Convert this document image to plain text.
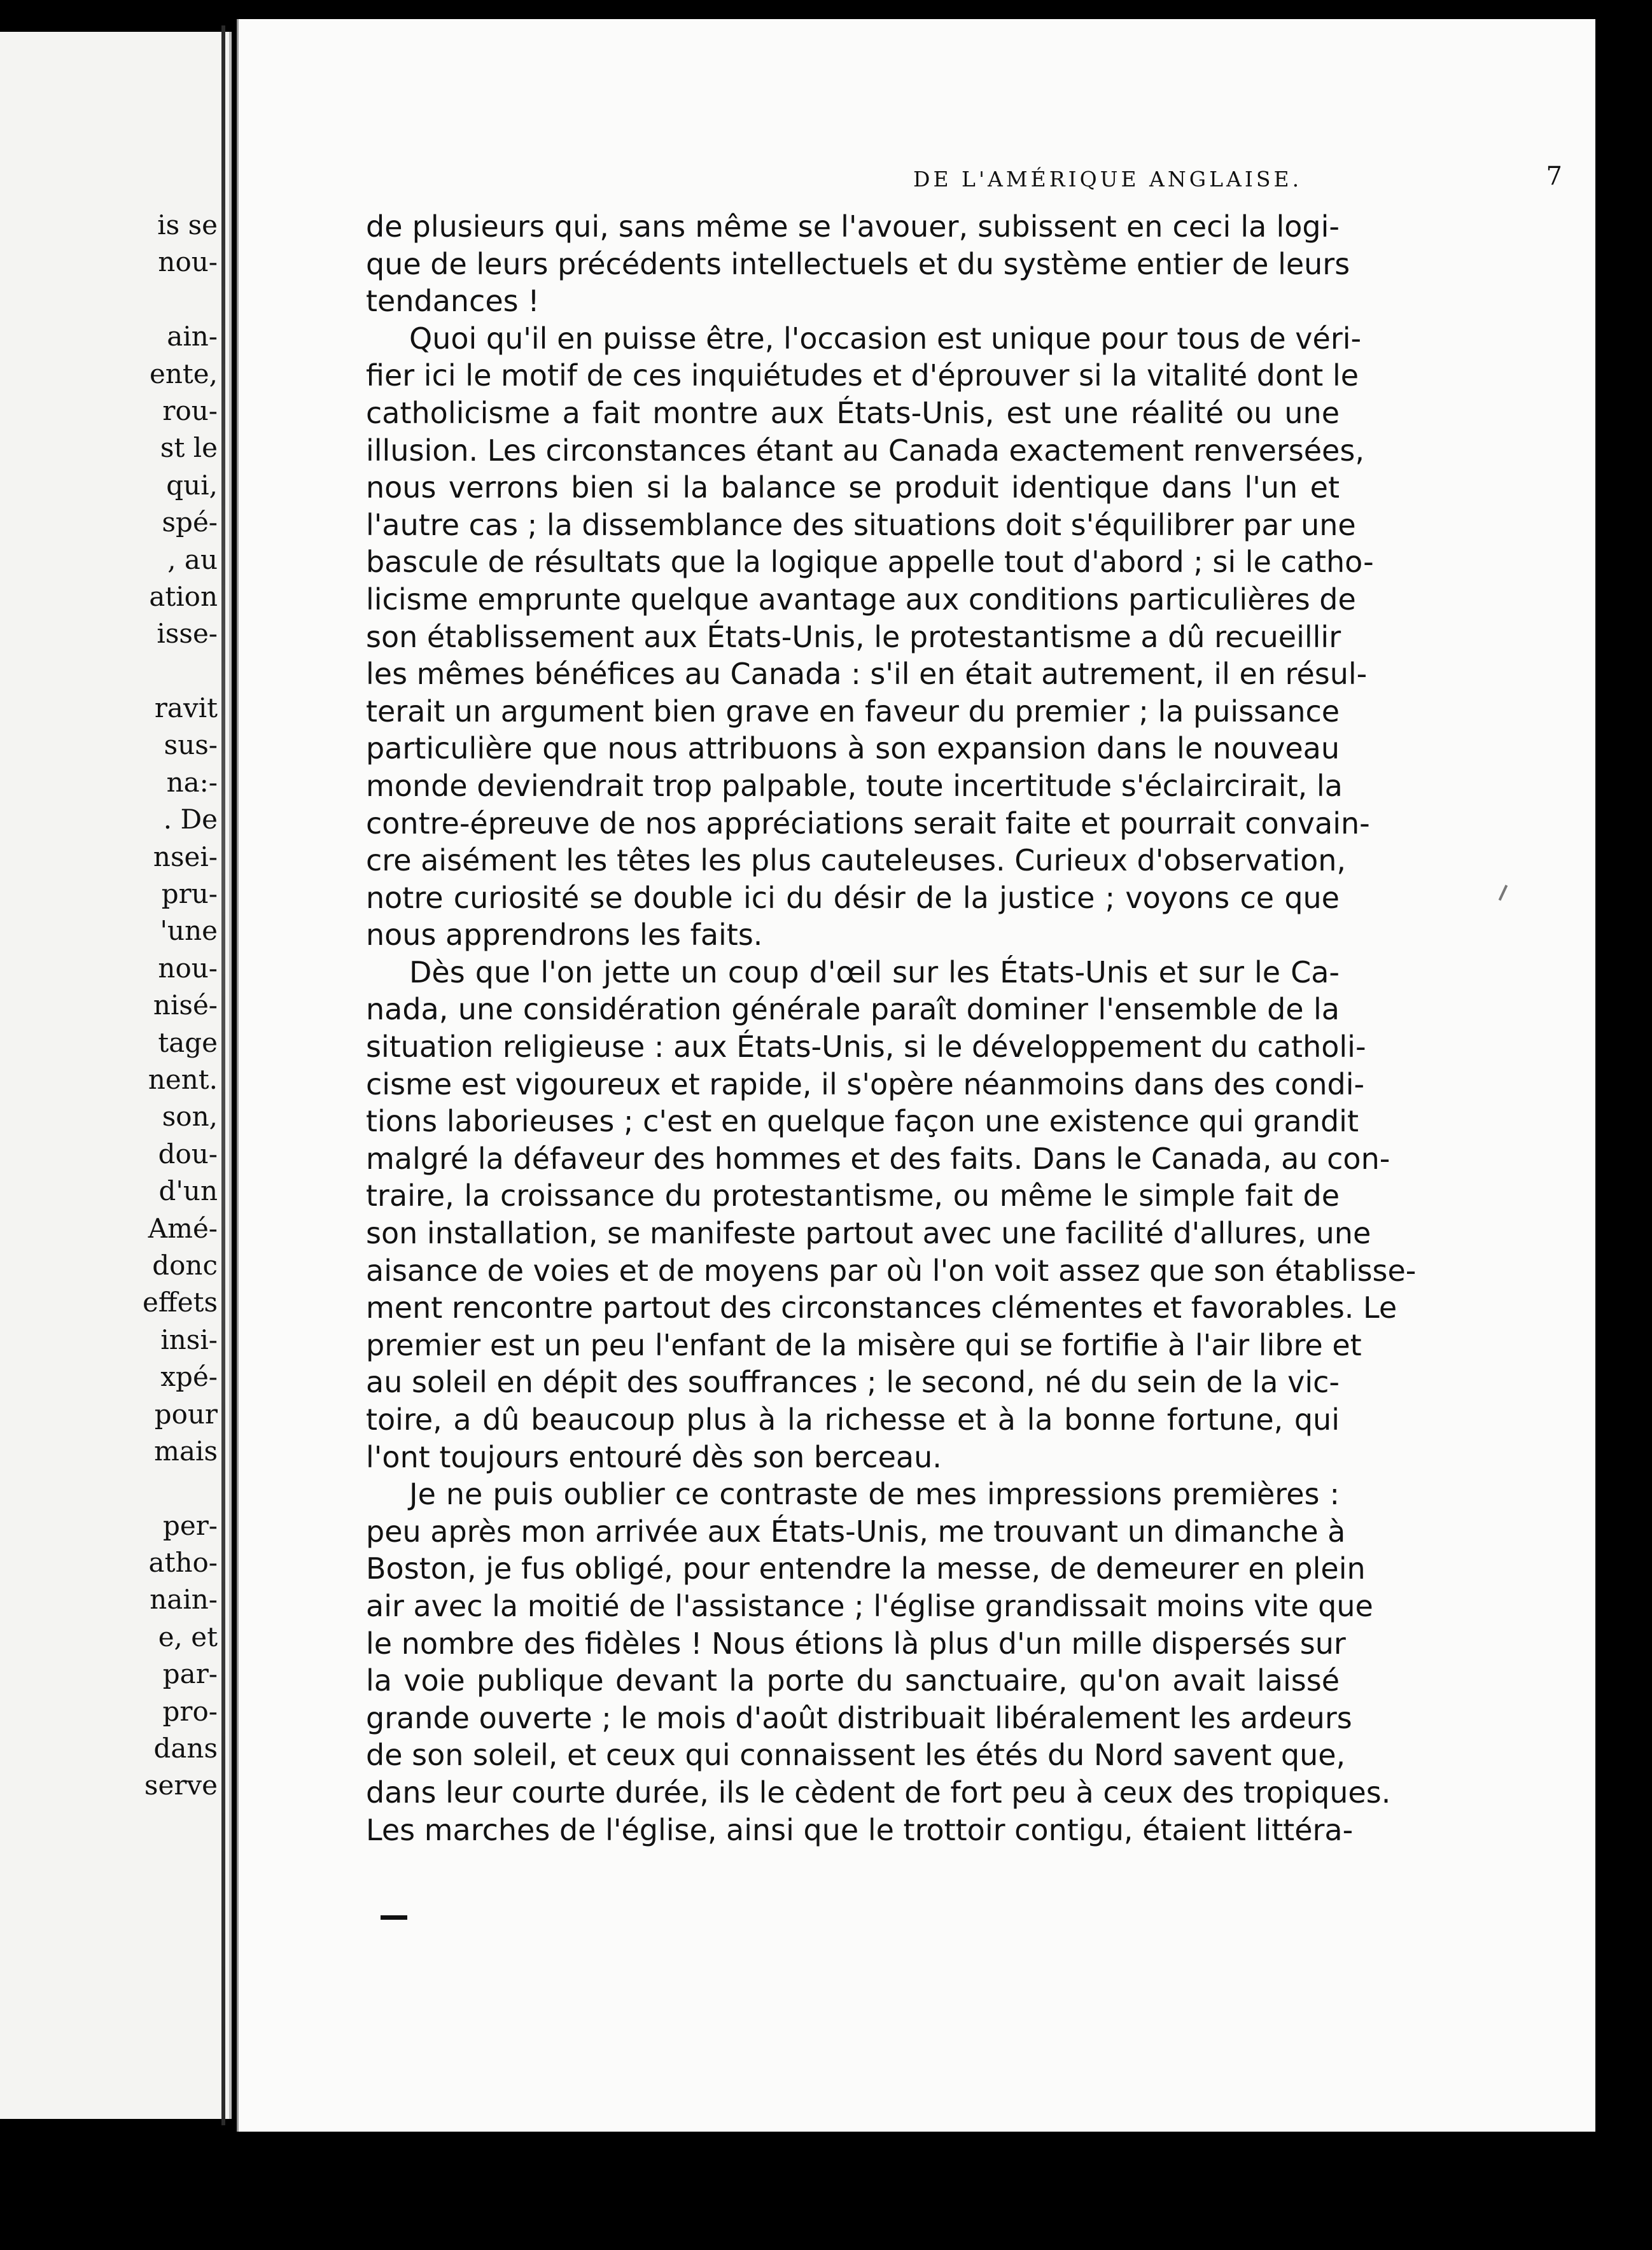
is se
nou-
ain-
ente,
rou-
st le
qui,
spé-
, au
ation
isse-
ravit
sus-
na:-
. De
nsei-
pru-
'une
nou-
nisé-
tage
nent.
son,
dou-
d'un
Amé-
donc
effets
insi-
xpé-
pour
mais
per-
atho-
nain-
e, et
par-
pro-
dans
serve
DE L'AMÉRIQUE ANGLAISE.	7
de plusieurs qui, sans même se l'avouer, subissent en ceci la logi-
que de leurs précédents intellectuels et du système entier de leurs
tendances !
Quoi qu'il en puisse être, l'occasion est unique pour tous de véri-
fier ici le motif de ces inquiétudes et d'éprouver si la vitalité dont le
catholicisme a fait montre aux États-Unis, est une réalité ou une
illusion. Les circonstances étant au Canada exactement renversées,
nous verrons bien si la balance se produit identique dans l'un et
l'autre cas ; la dissemblance des situations doit s'équilibrer par une
bascule de résultats que la logique appelle tout d'abord ; si le catho-
licisme emprunte quelque avantage aux conditions particulières de
son établissement aux États-Unis, le protestantisme a dû recueillir
les mêmes bénéfices au Canada : s'il en était autrement, il en résul-
terait un argument bien grave en faveur du premier ; la puissance
particulière que nous attribuons à son expansion dans le nouveau
monde deviendrait trop palpable, toute incertitude s'éclaircirait, la
contre-épreuve de nos appréciations serait faite et pourrait convain-
cre aisément les têtes les plus cauteleuses. Curieux d'observation,
notre curiosité se double ici du désir de la justice ; voyons ce que
nous apprendrons les faits.
Dès que l'on jette un coup d'œil sur les États-Unis et sur le Ca-
nada, une considération générale paraît dominer l'ensemble de la
situation religieuse : aux États-Unis, si le développement du catholi-
cisme est vigoureux et rapide, il s'opère néanmoins dans des condi-
tions laborieuses ; c'est en quelque façon une existence qui grandit
malgré la défaveur des hommes et des faits. Dans le Canada, au con-
traire, la croissance du protestantisme, ou même le simple fait de
son installation, se manifeste partout avec une facilité d'allures, une
aisance de voies et de moyens par où l'on voit assez que son établisse-
ment rencontre partout des circonstances clémentes et favorables. Le
premier est un peu l'enfant de la misère qui se fortifie à l'air libre et
au soleil en dépit des souffrances ; le second, né du sein de la vic-
toire, a dû beaucoup plus à la richesse et à la bonne fortune, qui
l'ont toujours entouré dès son berceau.
Je ne puis oublier ce contraste de mes impressions premières :
peu après mon arrivée aux États-Unis, me trouvant un dimanche à
Boston, je fus obligé, pour entendre la messe, de demeurer en plein
air avec la moitié de l'assistance ; l'église grandissait moins vite que
le nombre des fidèles ! Nous étions là plus d'un mille dispersés sur
la voie publique devant la porte du sanctuaire, qu'on avait laissé
grande ouverte ; le mois d'août distribuait libéralement les ardeurs
de son soleil, et ceux qui connaissent les étés du Nord savent que,
dans leur courte durée, ils le cèdent de fort peu à ceux des tropiques.
Les marches de l'église, ainsi que le trottoir contigu, étaient littéra-
